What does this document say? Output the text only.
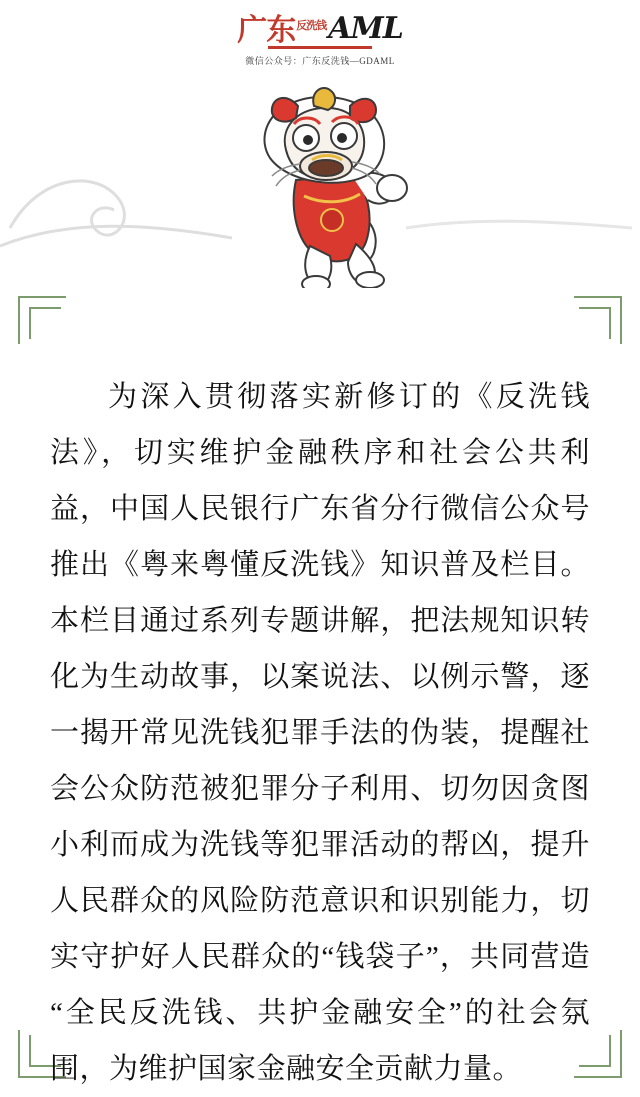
广东$^{反洗钱}$ AML
微信公众号：广东反洗钱—GDAML

为深入贯彻落实新修订的《反洗钱法》，切实维护金融秩序和社会公共利益，中国人民银行广东省分行微信公众号推出《粤来粤懂反洗钱》知识普及栏目。本栏目通过系列专题讲解，把法规知识转化为生动故事，以案说法、以例示警，逐一揭开常见洗钱犯罪手法的伪装，提醒社会公众防范被犯罪分子利用、切勿因贪图小利而成为洗钱等犯罪活动的帮凶，提升人民群众的风险防范意识和识别能力，切实守护好人民群众的“钱袋子”，共同营造“全民反洗钱、共护金融安全”的社会氛围，为维护国家金融安全贡献力量。
